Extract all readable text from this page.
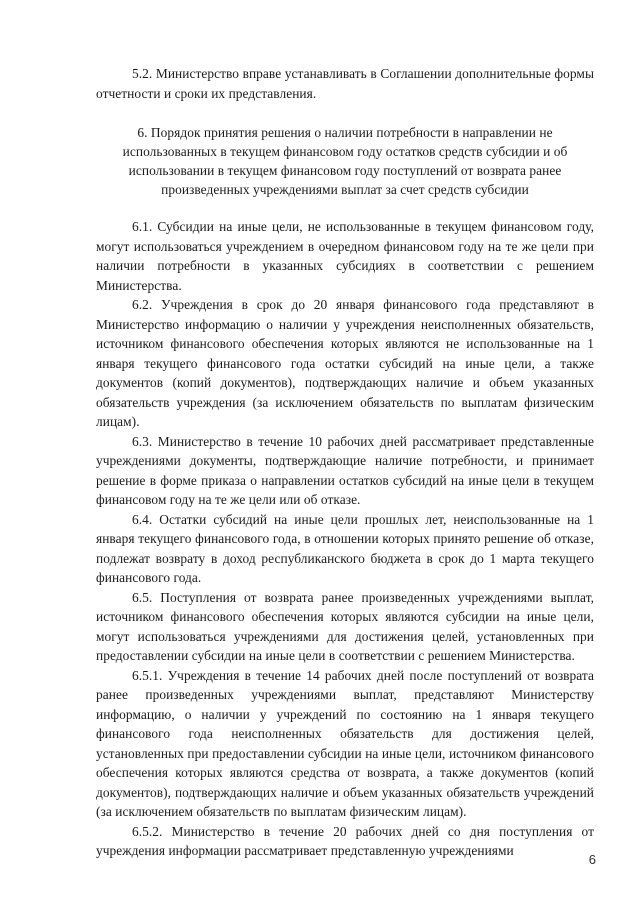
5.2. Министерство вправе устанавливать в Соглашении дополнительные формы отчетности и сроки их представления.

6. Порядок принятия решения о наличии потребности в направлении не использованных в текущем финансовом году остатков средств субсидии и об использовании в текущем финансовом году поступлений от возврата ранее произведенных учреждениями выплат за счет средств субсидии

6.1. Субсидии на иные цели, не использованные в текущем финансовом году, могут использоваться учреждением в очередном финансовом году на те же цели при наличии потребности в указанных субсидиях в соответствии с решением Министерства.

6.2. Учреждения в срок до 20 января финансового года представляют в Министерство информацию о наличии у учреждения неисполненных обязательств, источником финансового обеспечения которых являются не использованные на 1 января текущего финансового года остатки субсидий на иные цели, а также документов (копий документов), подтверждающих наличие и объем указанных обязательств учреждения (за исключением обязательств по выплатам физическим лицам).

6.3. Министерство в течение 10 рабочих дней рассматривает представленные учреждениями документы, подтверждающие наличие потребности, и принимает решение в форме приказа о направлении остатков субсидий на иные цели в текущем финансовом году на те же цели или об отказе.

6.4. Остатки субсидий на иные цели прошлых лет, неиспользованные на 1 января текущего финансового года, в отношении которых принято решение об отказе, подлежат возврату в доход республиканского бюджета в срок до 1 марта текущего финансового года.

6.5. Поступления от возврата ранее произведенных учреждениями выплат, источником финансового обеспечения которых являются субсидии на иные цели, могут использоваться учреждениями для достижения целей, установленных при предоставлении субсидии на иные цели в соответствии с решением Министерства.

6.5.1. Учреждения в течение 14 рабочих дней после поступлений от возврата ранее произведенных учреждениями выплат, представляют Министерству информацию, о наличии у учреждений по состоянию на 1 января текущего финансового года неисполненных обязательств для достижения целей, установленных при предоставлении субсидии на иные цели, источником финансового обеспечения которых являются средства от возврата, а также документов (копий документов), подтверждающих наличие и объем указанных обязательств учреждений (за исключением обязательств по выплатам физическим лицам).

6.5.2. Министерство в течение 20 рабочих дней со дня поступления от учреждения информации рассматривает представленную учреждениями

6
